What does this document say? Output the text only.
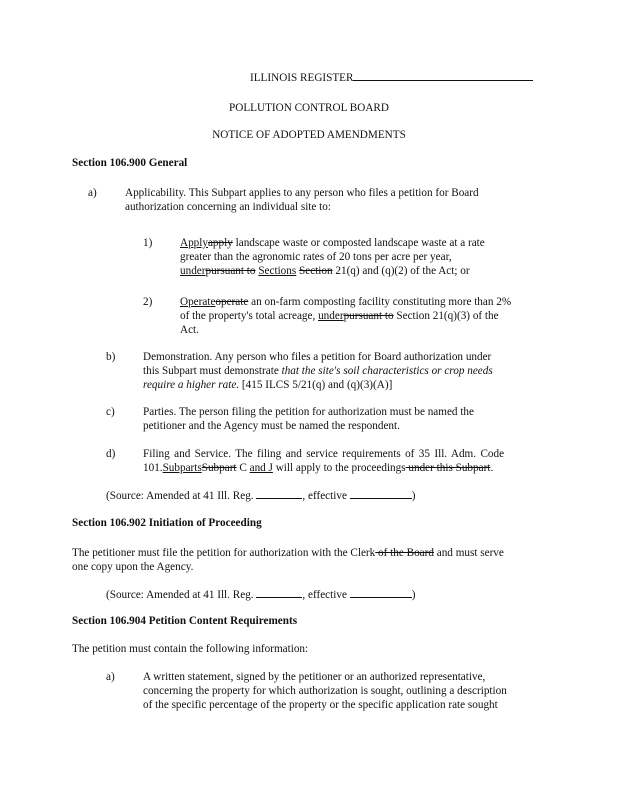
ILLINOIS REGISTER
POLLUTION CONTROL BOARD
NOTICE OF ADOPTED AMENDMENTS
Section 106.900 General
a)	Applicability. This Subpart applies to any person who files a petition for Board
authorization concerning an individual site to:
1) Applyapply landscape waste or composted landscape waste at a rate
greater than the agronomic rates of 20 tons per acre per year,
underpursuant to Sections Section 21(q) and (q)(2) of the Act; or
2) Operateoperate an on-farm composting facility constituting more than 2%
of the property's total acreage, underpursuant to Section 21(q)(3) of the
Act.
b) Demonstration. Any person who files a petition for Board authorization under
this Subpart must demonstrate that the site's soil characteristics or crop needs
require a higher rate. [415 ILCS 5/21(q) and (q)(3)(A)]
c)	Parties. The person filing the petition for authorization must be named the
petitioner and the Agency must be named the respondent.
d) Filing and Service. The filing and service requirements of 35 Ill. Adm. Code
101.SubpartsSubpart C and J will apply to the proceedings under this Subpart.
(Source: Amended at 41 Ill. Reg.	, effective	)
Section 106.902 Initiation of Proceeding
The petitioner must file the petition for authorization with the Clerk of the Board and must serve
one copy upon the Agency.
(Source: Amended at 41 Ill. Reg.	, effective	)
Section 106.904 Petition Content Requirements
The petition must contain the following information:
a)	A written statement, signed by the petitioner or an authorized representative,
concerning the property for which authorization is sought, outlining a description
of the specific percentage of the property or the specific application rate sought
